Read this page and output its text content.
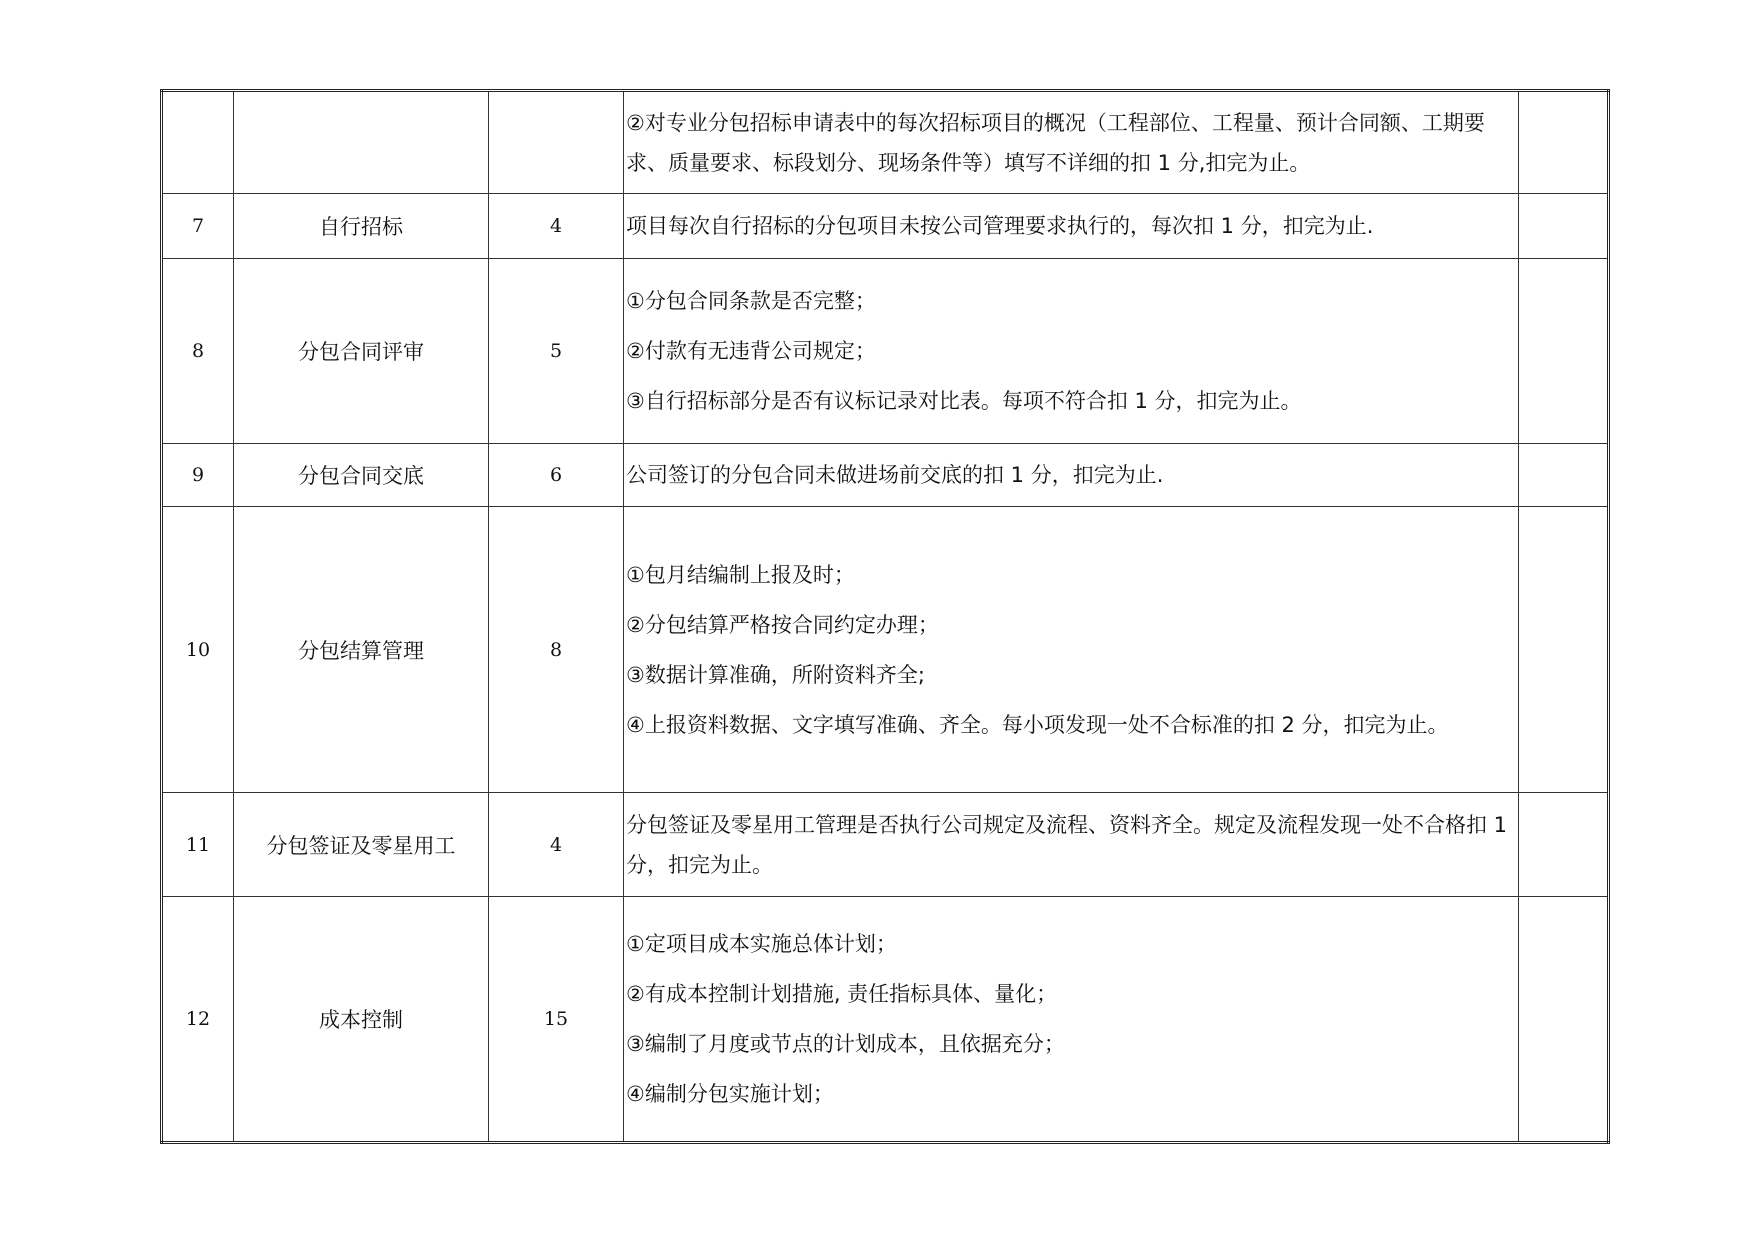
			②对专业分包招标申请表中的每次招标项目的概况（工程部位、工程量、预计合同额、工期要求、质量要求、标段划分、现场条件等）填写不详细的扣 1 分,扣完为止。	

7	自行招标	4	项目每次自行招标的分包项目未按公司管理要求执行的，每次扣 1 分，扣完为止.	

8	分包合同评审	5	①分包合同条款是否完整；

②付款有无违背公司规定；

③自行招标部分是否有议标记录对比表。每项不符合扣 1 分，扣完为止。	

9	分包合同交底	6	公司签订的分包合同未做进场前交底的扣 1 分，扣完为止.	

10	分包结算管理	8	①包月结编制上报及时；

②分包结算严格按合同约定办理；

③数据计算准确，所附资料齐全;

④上报资料数据、文字填写准确、齐全。每小项发现一处不合标准的扣 2 分，扣完为止。	

11	分包签证及零星用工	4	分包签证及零星用工管理是否执行公司规定及流程、资料齐全。规定及流程发现一处不合格扣 1 分，扣完为止。	

12	成本控制	15	①定项目成本实施总体计划；

②有成本控制计划措施, 责任指标具体、量化；

③编制了月度或节点的计划成本，且依据充分；

④编制分包实施计划；	
